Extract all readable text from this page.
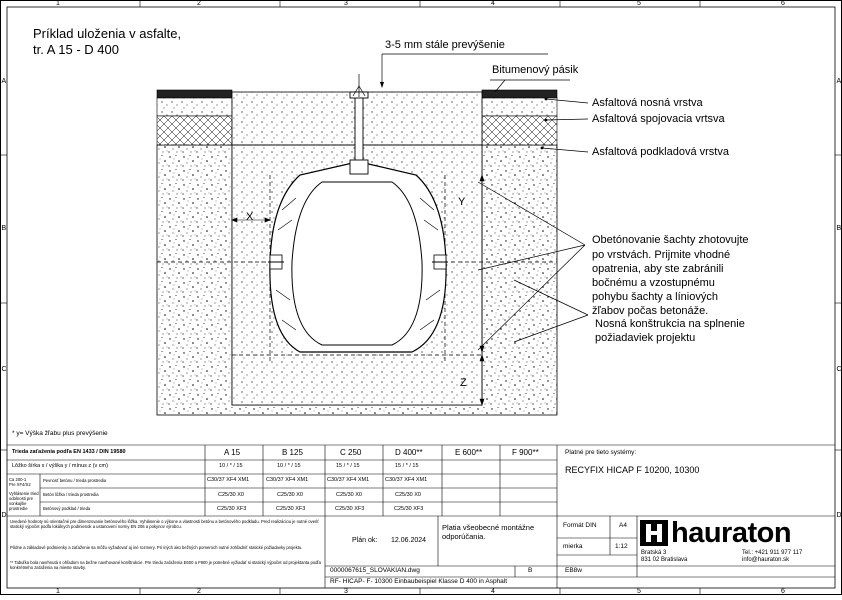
1	2	3	4	5	6
1	2	3	4	5	6
A
B
C
D
A
B
C
D
Príklad uloženia v asfalte,
tr. A 15 - D 400	3-5 mm stále prevýšenie
Bitumenový pásik
Asfaltová nosná vrstva
Asfaltová spojovacia vrtsva
Asfaltová podkladová vrstva
Obetónovanie šachty zhotovujte
po vrstvách. Prijmite vhodné
opatrenia, aby ste zabránili
bočnému a vzostupnému
pohybu šachty a líniových
žľabov počas betonáže.
Nosná konštrukcia na splnenie
požiadaviek projektu
X
Y
Z
* y= Výška žľabu plus prevýšenie
Trieda zaťaženia podľa EN 1433 / DIN 19580	A 15	B 125	C 250	D 400**	E 600**	F 900**
Lôžko šírka x / výška y / mínus z (v cm)	10 / * / 15	10 / * / 15	15 / * / 15	15 / * / 15
Ca 200-1
Pre XF4/S2
Vyhlásenie tried odolnosti pre vonkajšie prostredie
Pevnosť betónu / trieda prostredia	C30/37 XF4 XM1	C30/37 XF4 XM1	C30/37 XF4 XM1	C30/37 XF4 XM1
Betón lôžka / trieda prostredia	C25/30 X0	C25/30 X0	C25/30 X0	C25/30 X0
Betónový podklad / trieda	C25/30 XF3	C25/30 XF3	C25/30 XF3	C25/30 XF3
Platné pre tieto systémy:
RECYFIX HICAP F 10200, 10300
Uvedené hodnoty sú orientačné pre dimenzovanie betónového lôžka. Vyhlásenie o výkone a vlastnosti betónu a betónového podkladu. Pred realizáciou je nutné overiť statický výpočet podľa lokálnych podmienok a ustanovení normy EN 206 a pokynov výrobcu.
Pôdne a základové podmienky a zaťaženie sa môžu vyžadovať aj iné rozmery. Pri iných ako bežných pomeroch nutné zohľadniť statické požiadavky projektu.
** Tabuľka bola navrhnutá s ohľadom na bežne navrhované konštrukcie. Pre triedu zaťaženia E600 a F900 je potrebné vyžiadať si statický výpočet od projektanta podľa konkrétneho zaťaženia na mieste stavby.
Platia všeobecné montážne odporúčania.
Plán ok: 12.06.2024
0000067615_SLOVAKIAN.dwg	B	EB8w
RF- HICAP- F- 10300 Einbaubeispiel Klasse D 400 in Asphalt
Formát DIN	A4
mierka	1:12 hauraton
Bratská 3
831 02 Bratislava
Tel.: +421 911 977 117
info@hauraton.sk
